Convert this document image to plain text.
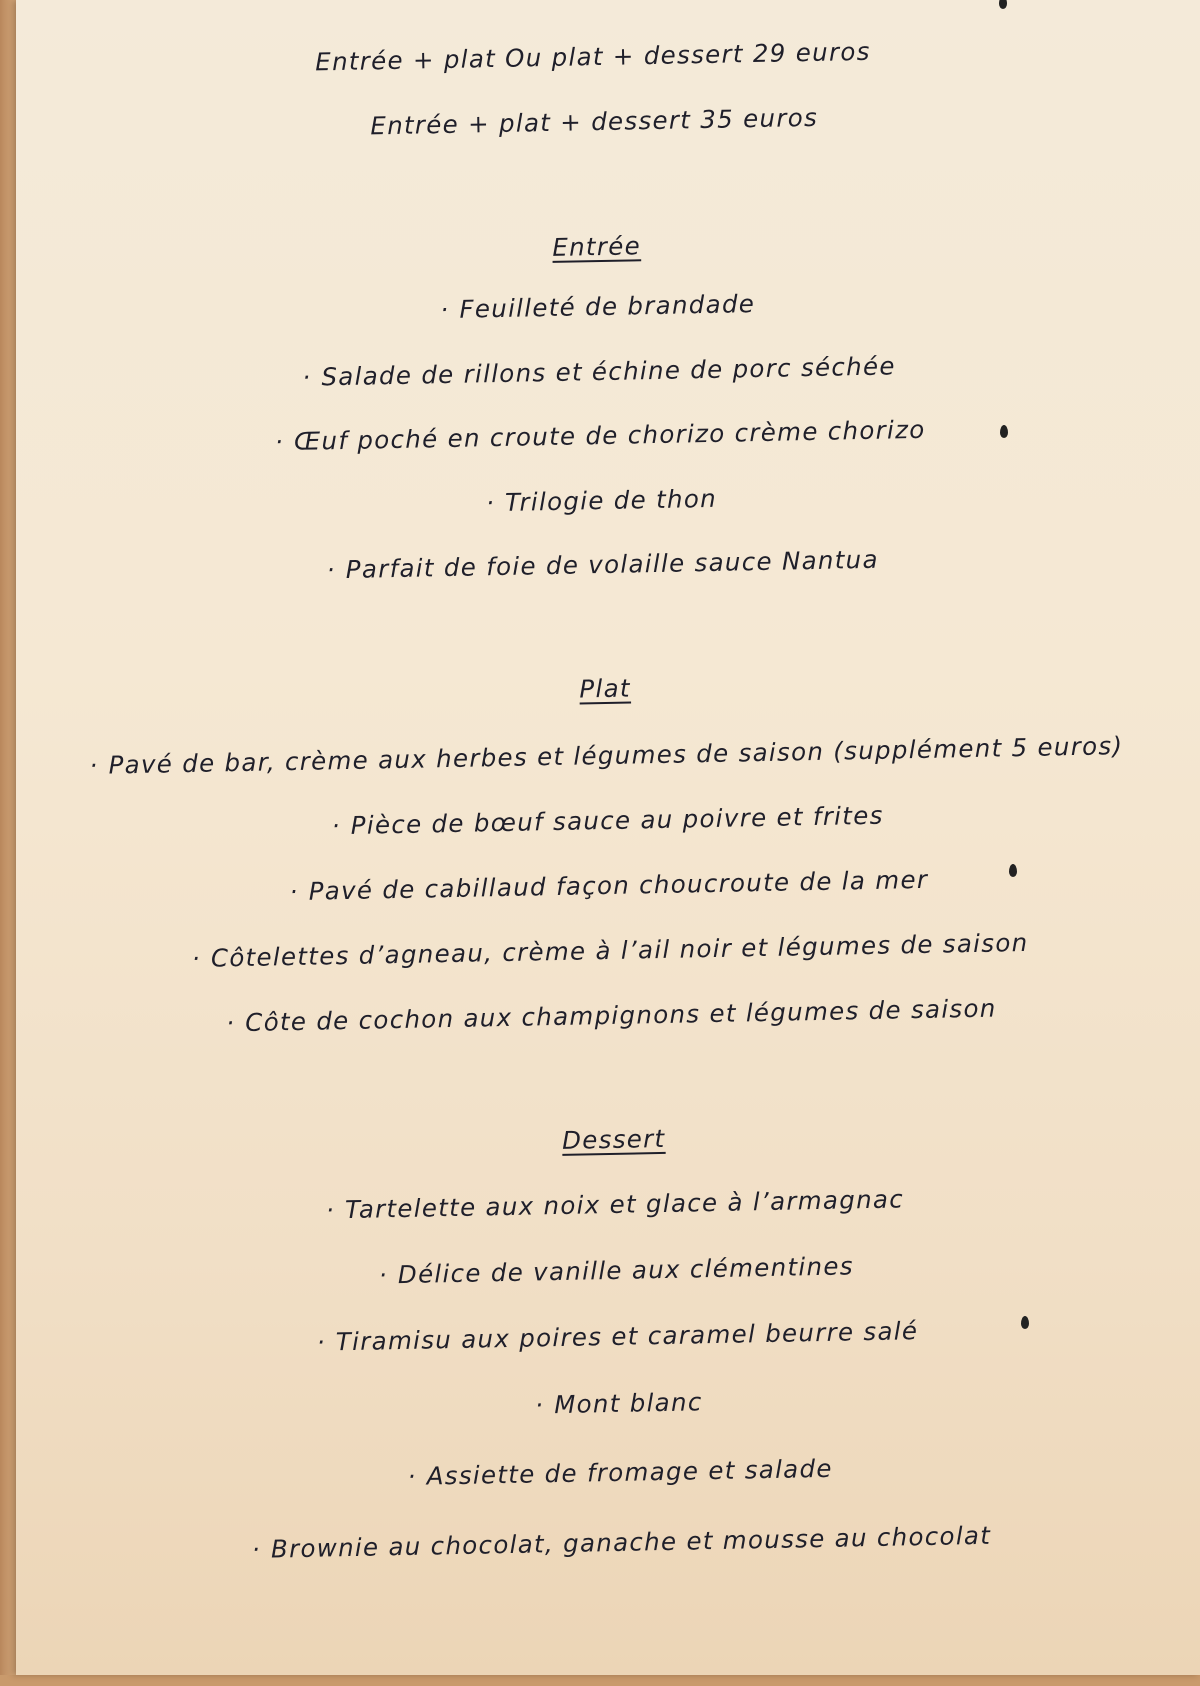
Entrée + plat Ou plat + dessert 29 euros
Entrée + plat + dessert 35 euros
Entrée
· Feuilleté de brandade
· Salade de rillons et échine de porc séchée
· Œuf poché en croute de chorizo crème chorizo
· Trilogie de thon
· Parfait de foie de volaille sauce Nantua
Plat
· Pavé de bar, crème aux herbes et légumes de saison (supplément 5 euros)
· Pièce de bœuf sauce au poivre et frites
· Pavé de cabillaud façon choucroute de la mer
· Côtelettes d’agneau, crème à l’ail noir et légumes de saison
· Côte de cochon aux champignons et légumes de saison
Dessert
· Tartelette aux noix et glace à l’armagnac
· Délice de vanille aux clémentines
· Tiramisu aux poires et caramel beurre salé
· Mont blanc
· Assiette de fromage et salade
· Brownie au chocolat, ganache et mousse au chocolat
